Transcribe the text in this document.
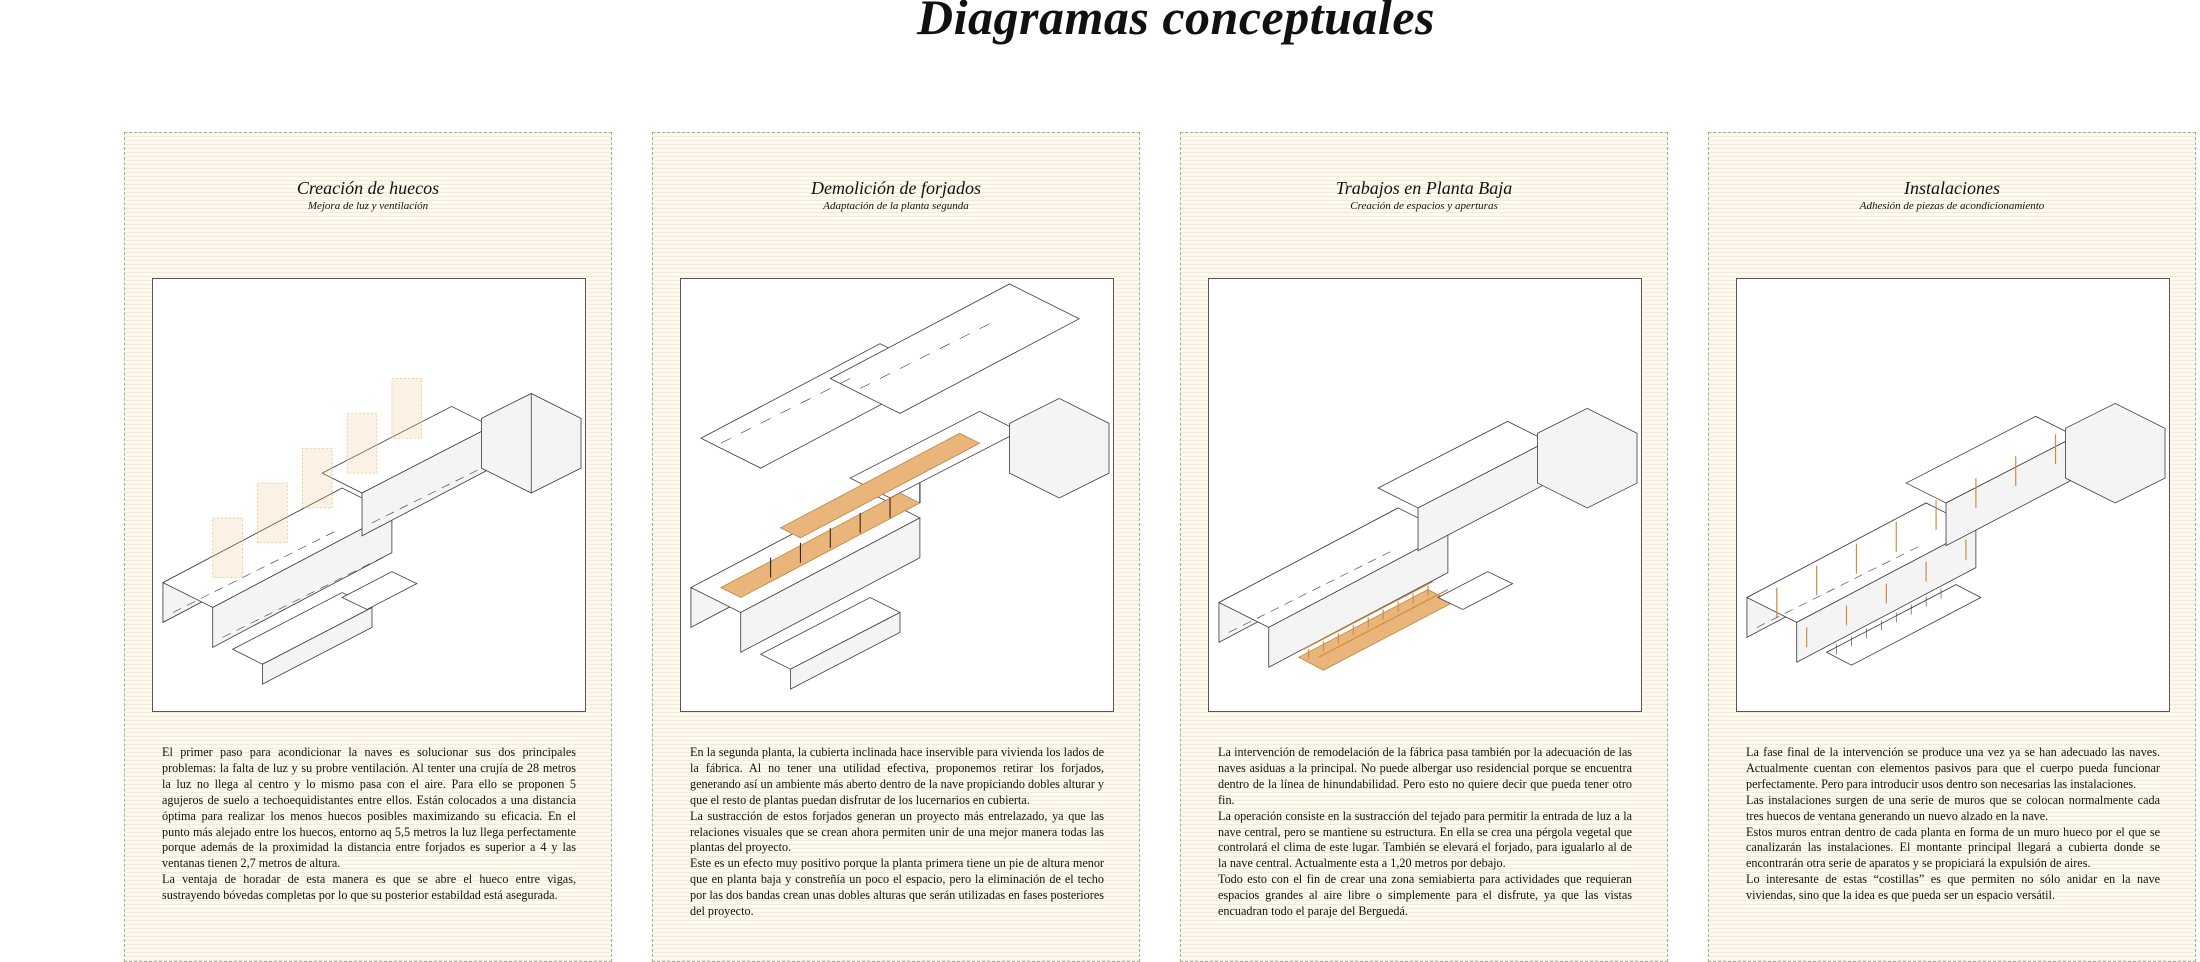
Diagramas conceptuales
Creación de huecos
Mejora de luz y ventilación

El primer paso para acondicionar la naves es solucionar sus dos principales problemas: la falta de luz y su probre ventilación. Al tenter una crujía de 28 metros la luz no llega al centro y lo mismo pasa con el aire. Para ello se proponen 5 agujeros de suelo a techoequidistantes entre ellos. Están colocados a una distancia óptima para realizar los menos huecos posibles maximizando su eficacia. En el punto más alejado entre los huecos, entorno aq 5,5 metros la luz llega perfectamente porque además de la proximidad la distancia entre forjados es superior a 4 y las ventanas tienen 2,7 metros de altura.

La ventaja de horadar de esta manera es que se abre el hueco entre vigas, sustrayendo bóvedas completas por lo que su posterior estabildad está asegurada.

Demolición de forjados
Adaptación de la planta segunda

En la segunda planta, la cubierta inclinada hace inservible para vivienda los lados de la fábrica. Al no tener una utilidad efectiva, proponemos retirar los forjados, generando así un ambiente más aberto dentro de la nave propiciando dobles alturar y que el resto de plantas puedan disfrutar de los lucernarios en cubierta.

La sustracción de estos forjados generan un proyecto más entrelazado, ya que las relaciones visuales que se crean ahora permiten unir de una mejor manera todas las plantas del proyecto.

Este es un efecto muy positivo porque la planta primera tiene un pie de altura menor que en planta baja y constreñía un poco el espacio, pero la eliminación de el techo por las dos bandas crean unas dobles alturas que serán utilizadas en fases posteriores del proyecto.

Trabajos en Planta Baja
Creación de espacios y aperturas

La intervención de remodelación de la fábrica pasa también por la adecuación de las naves asiduas a la principal. No puede albergar uso residencial porque se encuentra dentro de la línea de hinundabilidad. Pero esto no quiere decir que pueda tener otro fin.

La operación consiste en la sustracción del tejado para permitir la entrada de luz a la nave central, pero se mantiene su estructura. En ella se crea una pérgola vegetal que controlará el clima de este lugar. También se elevará el forjado, para igualarlo al de la nave central. Actualmente esta a 1,20 metros por debajo.

Todo esto con el fin de crear una zona semiabierta para actividades que requieran espacios grandes al aire libre o simplemente para el disfrute, ya que las vistas encuadran todo el paraje del Berguedá.

Instalaciones
Adhesión de piezas de acondicionamiento

La fase final de la intervención se produce una vez ya se han adecuado las naves. Actualmente cuentan con elementos pasivos para que el cuerpo pueda funcionar perfectamente. Pero para introducir usos dentro son necesarias las instalaciones.

Las instalaciones surgen de una serie de muros que se colocan normalmente cada tres huecos de ventana generando un nuevo alzado en la nave.

Estos muros entran dentro de cada planta en forma de un muro hueco por el que se canalizarán las instalaciones. El montante principal llegará a cubierta donde se encontrarán otra serie de aparatos y se propiciará la expulsión de aires.

Lo interesante de estas “costillas” es que permiten no sólo anidar en la nave viviendas, sino que la idea es que pueda ser un espacio versátil.
